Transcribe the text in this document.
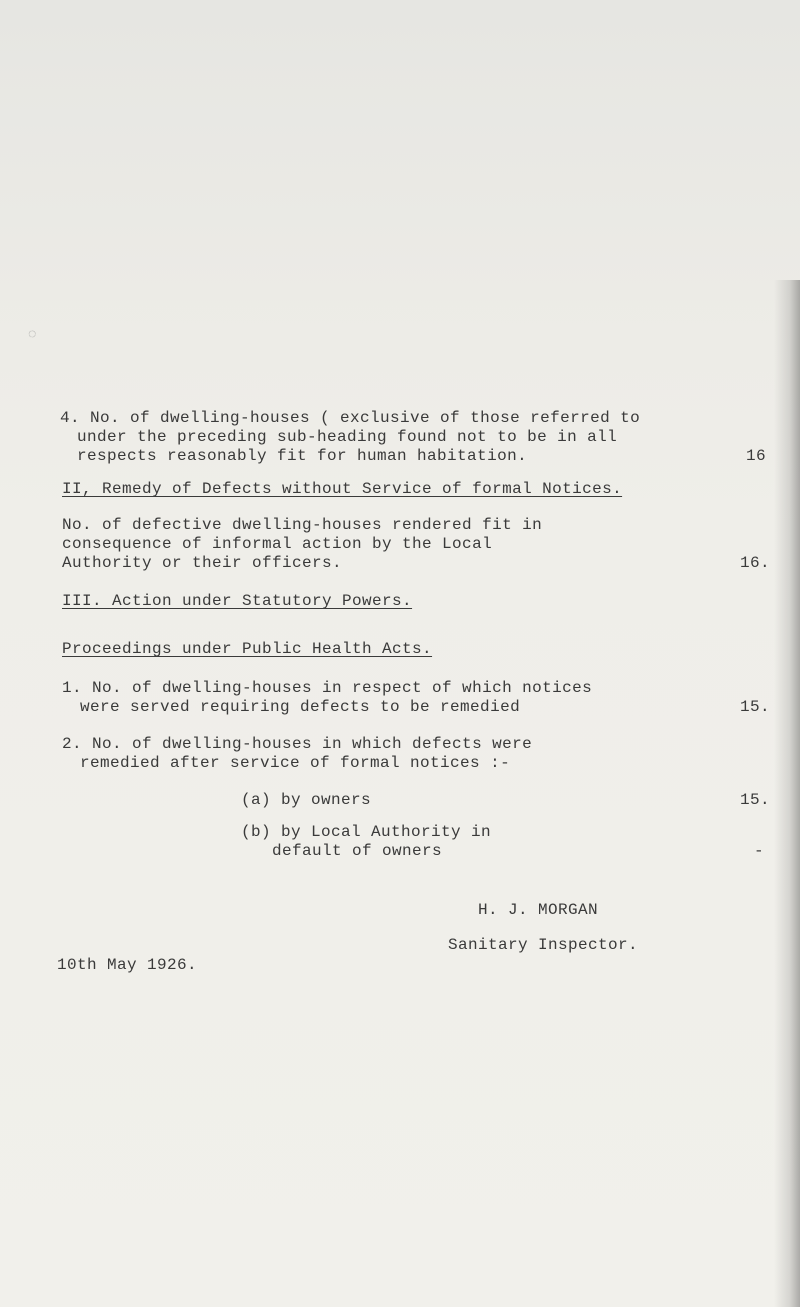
4. No. of dwelling-houses ( exclusive of those referred to
under the preceding sub-heading found not to be in all
respects reasonably fit for human habitation.	16
II, Remedy of Defects without Service of formal Notices.
No. of defective dwelling-houses rendered fit in
consequence of informal action by the Local
Authority or their officers.	16.
III. Action under Statutory Powers.
Proceedings under Public Health Acts.
1. No. of dwelling-houses in respect of which notices
were served requiring defects to be remedied	15.
2. No. of dwelling-houses in which defects were
remedied after service of formal notices :-
(a) by owners	15.
(b) by Local Authority in
default of owners	-
H. J. MORGAN
Sanitary Inspector.
10th May 1926.
◌
